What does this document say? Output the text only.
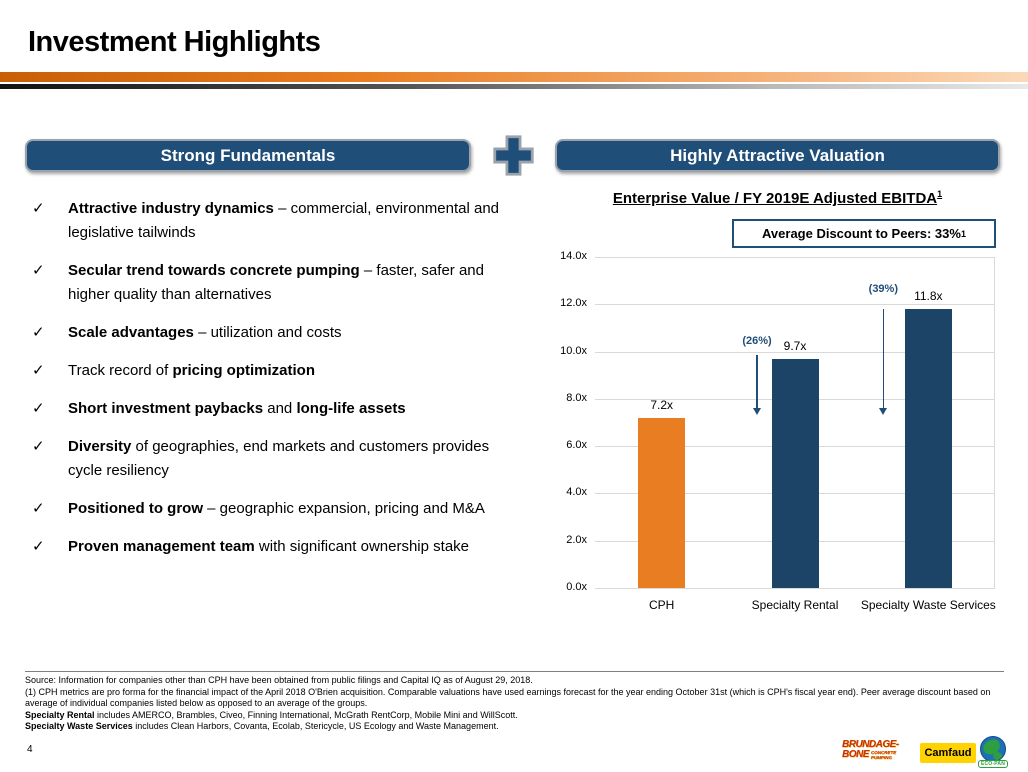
Investment Highlights
Strong Fundamentals	Highly Attractive Valuation
✓	Attractive industry dynamics – commercial, environmental and legislative tailwinds
✓	Secular trend towards concrete pumping – faster, safer and higher quality than alternatives
✓	Scale advantages – utilization and costs
✓	Track record of pricing optimization
✓	Short investment paybacks and long-life assets
✓	Diversity of geographies, end markets and customers provides cycle resiliency
✓	Positioned to grow – geographic expansion, pricing and M&A
✓	Proven management team with significant ownership stake
Enterprise Value / FY 2019E Adjusted EBITDA$^1$
Average Discount to Peers: 33% 1
0.0x
2.0x
4.0x
6.0x
8.0x
10.0x
12.0x
14.0x
7.2x
CPH
9.7x
Specialty Rental
11.8x
Specialty Waste Services
(26%)
(39%)
Source: Information for companies other than CPH have been obtained from public filings and Capital IQ as of August 29, 2018.
(1) CPH metrics are pro forma for the financial impact of the April 2018 O'Brien acquisition. Comparable valuations have used earnings forecast for the year ending October 31st (which is CPH's fiscal year end). Peer average discount based on average of individual companies listed below as opposed to an average of the groups.
Specialty Rental includes AMERCO, Brambles, Civeo, Finning International, McGrath RentCorp, Mobile Mini and WillScott.
Specialty Waste Services includes Clean Harbors, Covanta, Ecolab, Stericycle, US Ecology and Waste Management.
4	BRUNDAGE-
BONE CONCRETE
PUMPING	Camfaud
ECO-PAN
